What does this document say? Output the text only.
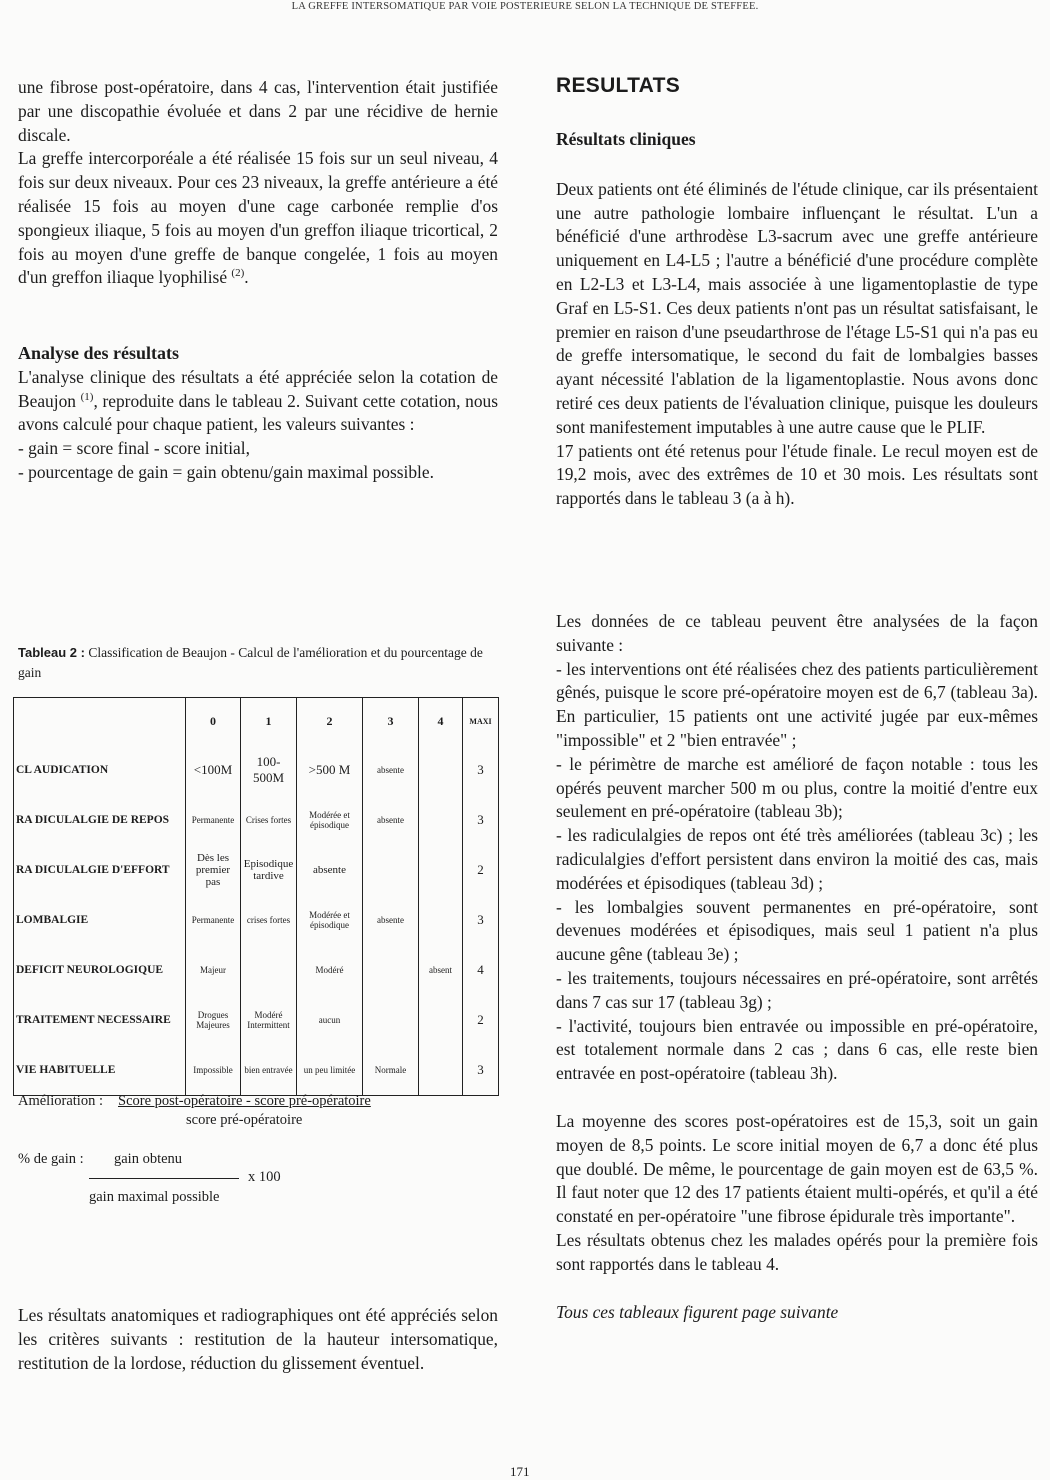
LA GREFFE INTERSOMATIQUE PAR VOIE POSTERIEURE SELON LA TECHNIQUE DE STEFFEE.

une fibrose post-opératoire, dans 4 cas, l'intervention était justifiée par une discopathie évoluée et dans 2 par une récidive de hernie discale.

La greffe intercorporéale a été réalisée 15 fois sur un seul niveau, 4 fois sur deux niveaux. Pour ces 23 niveaux, la greffe antérieure a été réalisée 15 fois au moyen d'une cage carbonée remplie d'os spongieux iliaque, 5 fois au moyen d'un greffon iliaque tricortical, 2 fois au moyen d'une greffe de banque congelée, 1 fois au moyen d'un greffon iliaque lyophilisé $^{(2)}$.

Analyse des résultats

L'analyse clinique des résultats a été appréciée selon la cotation de Beaujon $^{(1)}$, reproduite dans le tableau 2. Suivant cette cotation, nous avons calculé pour chaque patient, les valeurs suivantes :

- gain = score final - score initial,

- pourcentage de gain = gain obtenu/gain maximal possible.

Tableau 2 : Classification de Beaujon - Calcul de l'amélioration et du pourcentage de gain
	0	1	2	3	4	MAXI
CL AUDICATION	<100M	100-500M	>500 M	absente		3
RA DICULALGIE DE REPOS	Permanente	Crises fortes	Modérée et épisodique	absente		3
RA DICULALGIE D'EFFORT	Dès les premier pas	Episodique tardive	absente			2
LOMBALGIE	Permanente	crises fortes	Modérée et épisodique	absente		3
DEFICIT NEUROLOGIQUE	Majeur		Modéré		absent	4
TRAITEMENT NECESSAIRE	Drogues Majeures	Modéré Intermittent	aucun			2
VIE HABITUELLE	Impossible	bien entravée	un peu limitée	Normale		3
Amélioration : Score post-opératoire - score pré-opératoire
score pré-opératoire
% de gain : gain obtenu
x 100
gain maximal possible
Les résultats anatomiques et radiographiques ont été appréciés selon les critères suivants : restitution de la hauteur intersomatique, restitution de la lordose, réduction du glissement éventuel.
RESULTATS
Résultats cliniques

Deux patients ont été éliminés de l'étude clinique, car ils présentaient une autre pathologie lombaire influençant le résultat. L'un a bénéficié d'une arthrodèse L3-sacrum avec une greffe antérieure uniquement en L4-L5 ; l'autre a bénéficié d'une procédure complète en L2-L3 et L3-L4, mais associée à une ligamentoplastie de type Graf en L5-S1. Ces deux patients n'ont pas un résultat satisfaisant, le premier en raison d'une pseudarthrose de l'étage L5-S1 qui n'a pas eu de greffe intersomatique, le second du fait de lombalgies basses ayant nécessité l'ablation de la ligamentoplastie. Nous avons donc retiré ces deux patients de l'évaluation clinique, puisque les douleurs sont manifestement imputables à une autre cause que le PLIF.

17 patients ont été retenus pour l'étude finale. Le recul moyen est de 19,2 mois, avec des extrêmes de 10 et 30 mois. Les résultats sont rapportés dans le tableau 3 (a à h).

Les données de ce tableau peuvent être analysées de la façon suivante :

- les interventions ont été réalisées chez des patients particulièrement gênés, puisque le score pré-opératoire moyen est de 6,7 (tableau 3a). En particulier, 15 patients ont une activité jugée par eux-mêmes "impossible" et 2 "bien entravée" ;

- le périmètre de marche est amélioré de façon notable : tous les opérés peuvent marcher 500 m ou plus, contre la moitié d'entre eux seulement en pré-opératoire (tableau 3b);

- les radiculalgies de repos ont été très améliorées (tableau 3c) ; les radiculalgies d'effort persistent dans environ la moitié des cas, mais modérées et épisodiques (tableau 3d) ;

- les lombalgies souvent permanentes en pré-opératoire, sont devenues modérées et épisodiques, mais seul 1 patient n'a plus aucune gêne (tableau 3e) ;

- les traitements, toujours nécessaires en pré-opératoire, sont arrêtés dans 7 cas sur 17 (tableau 3g) ;

- l'activité, toujours bien entravée ou impossible en pré-opératoire, est totalement normale dans 2 cas ; dans 6 cas, elle reste bien entravée en post-opératoire (tableau 3h).

La moyenne des scores post-opératoires est de 15,3, soit un gain moyen de 8,5 points. Le score initial moyen de 6,7 a donc été plus que doublé. De même, le pourcentage de gain moyen est de 63,5 %. Il faut noter que 12 des 17 patients étaient multi-opérés, et qu'il a été constaté en per-opératoire "une fibrose épidurale très importante".

Les résultats obtenus chez les malades opérés pour la première fois sont rapportés dans le tableau 4.

Tous ces tableaux figurent page suivante

171
